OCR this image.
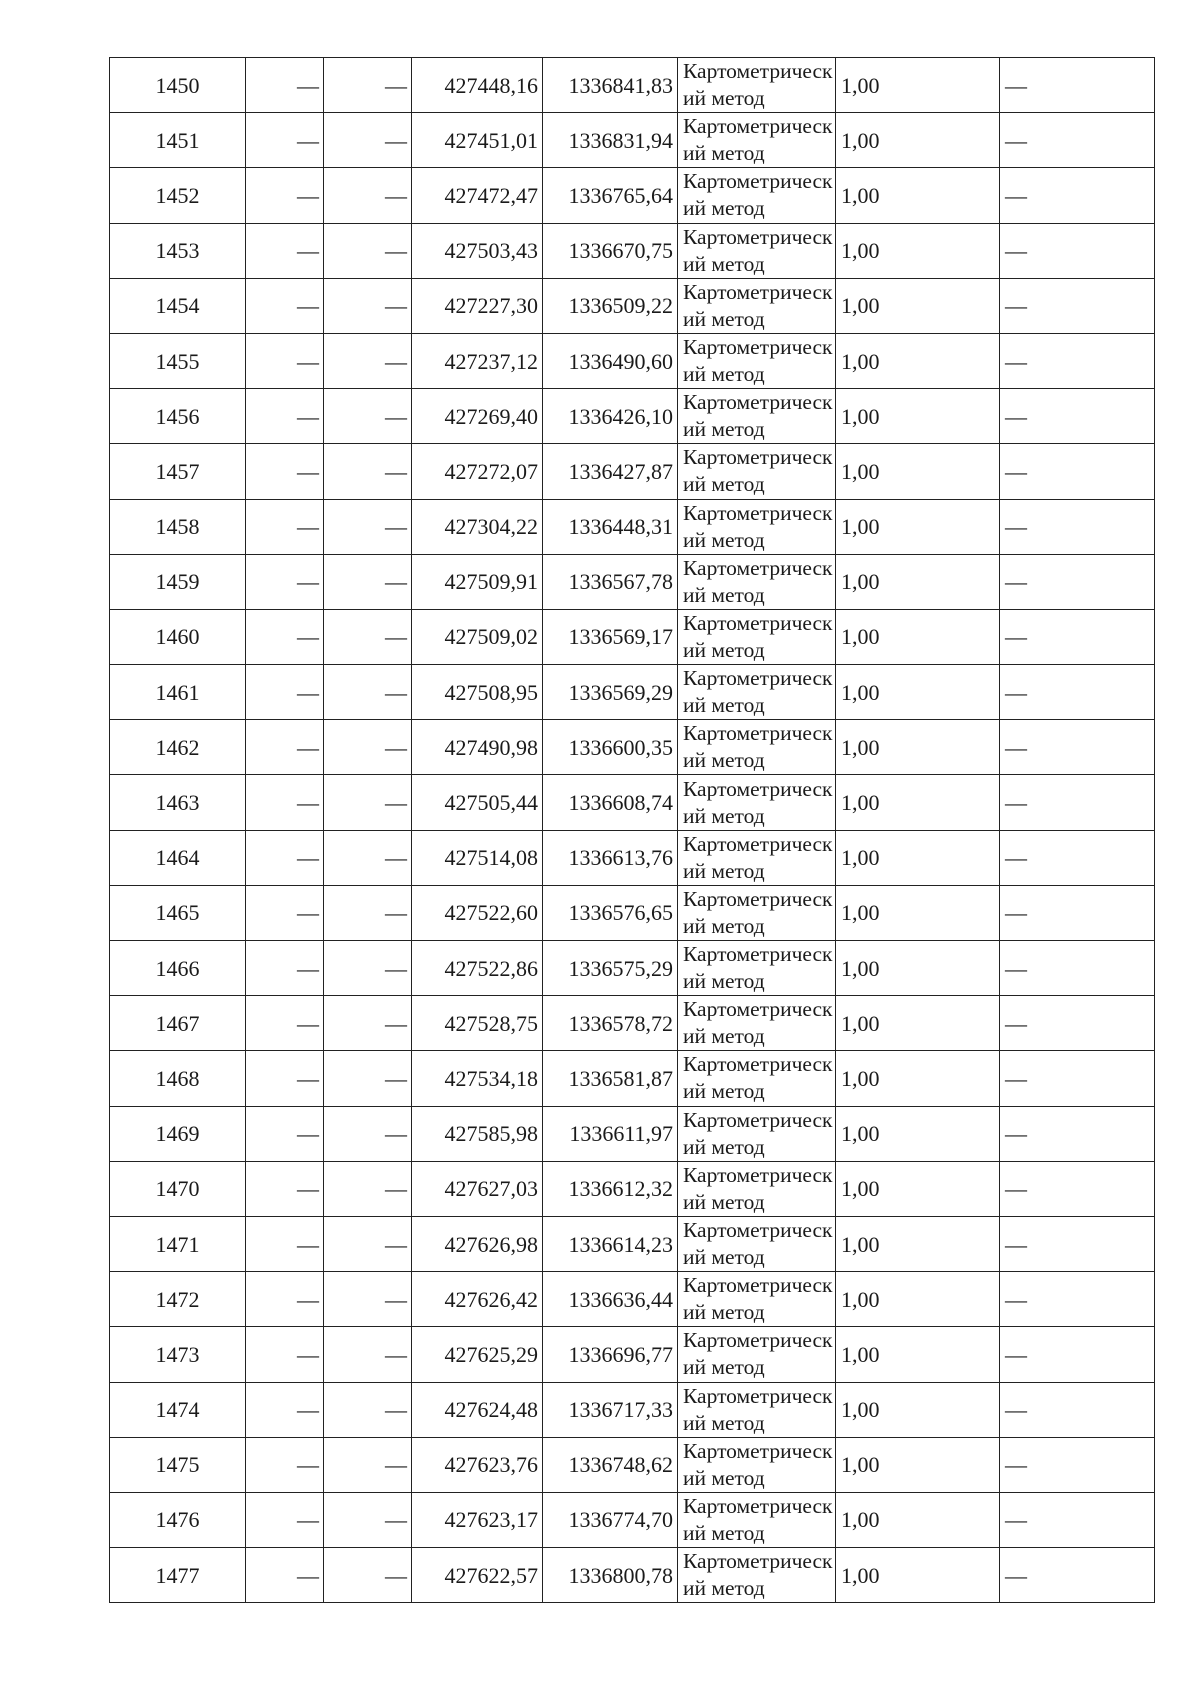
1450	—	—	427448,16	1336841,83	Картометрический метод	1,00	—
1451	—	—	427451,01	1336831,94	Картометрический метод	1,00	—
1452	—	—	427472,47	1336765,64	Картометрический метод	1,00	—
1453	—	—	427503,43	1336670,75	Картометрический метод	1,00	—
1454	—	—	427227,30	1336509,22	Картометрический метод	1,00	—
1455	—	—	427237,12	1336490,60	Картометрический метод	1,00	—
1456	—	—	427269,40	1336426,10	Картометрический метод	1,00	—
1457	—	—	427272,07	1336427,87	Картометрический метод	1,00	—
1458	—	—	427304,22	1336448,31	Картометрический метод	1,00	—
1459	—	—	427509,91	1336567,78	Картометрический метод	1,00	—
1460	—	—	427509,02	1336569,17	Картометрический метод	1,00	—
1461	—	—	427508,95	1336569,29	Картометрический метод	1,00	—
1462	—	—	427490,98	1336600,35	Картометрический метод	1,00	—
1463	—	—	427505,44	1336608,74	Картометрический метод	1,00	—
1464	—	—	427514,08	1336613,76	Картометрический метод	1,00	—
1465	—	—	427522,60	1336576,65	Картометрический метод	1,00	—
1466	—	—	427522,86	1336575,29	Картометрический метод	1,00	—
1467	—	—	427528,75	1336578,72	Картометрический метод	1,00	—
1468	—	—	427534,18	1336581,87	Картометрический метод	1,00	—
1469	—	—	427585,98	1336611,97	Картометрический метод	1,00	—
1470	—	—	427627,03	1336612,32	Картометрический метод	1,00	—
1471	—	—	427626,98	1336614,23	Картометрический метод	1,00	—
1472	—	—	427626,42	1336636,44	Картометрический метод	1,00	—
1473	—	—	427625,29	1336696,77	Картометрический метод	1,00	—
1474	—	—	427624,48	1336717,33	Картометрический метод	1,00	—
1475	—	—	427623,76	1336748,62	Картометрический метод	1,00	—
1476	—	—	427623,17	1336774,70	Картометрический метод	1,00	—
1477	—	—	427622,57	1336800,78	Картометрический метод	1,00	—
